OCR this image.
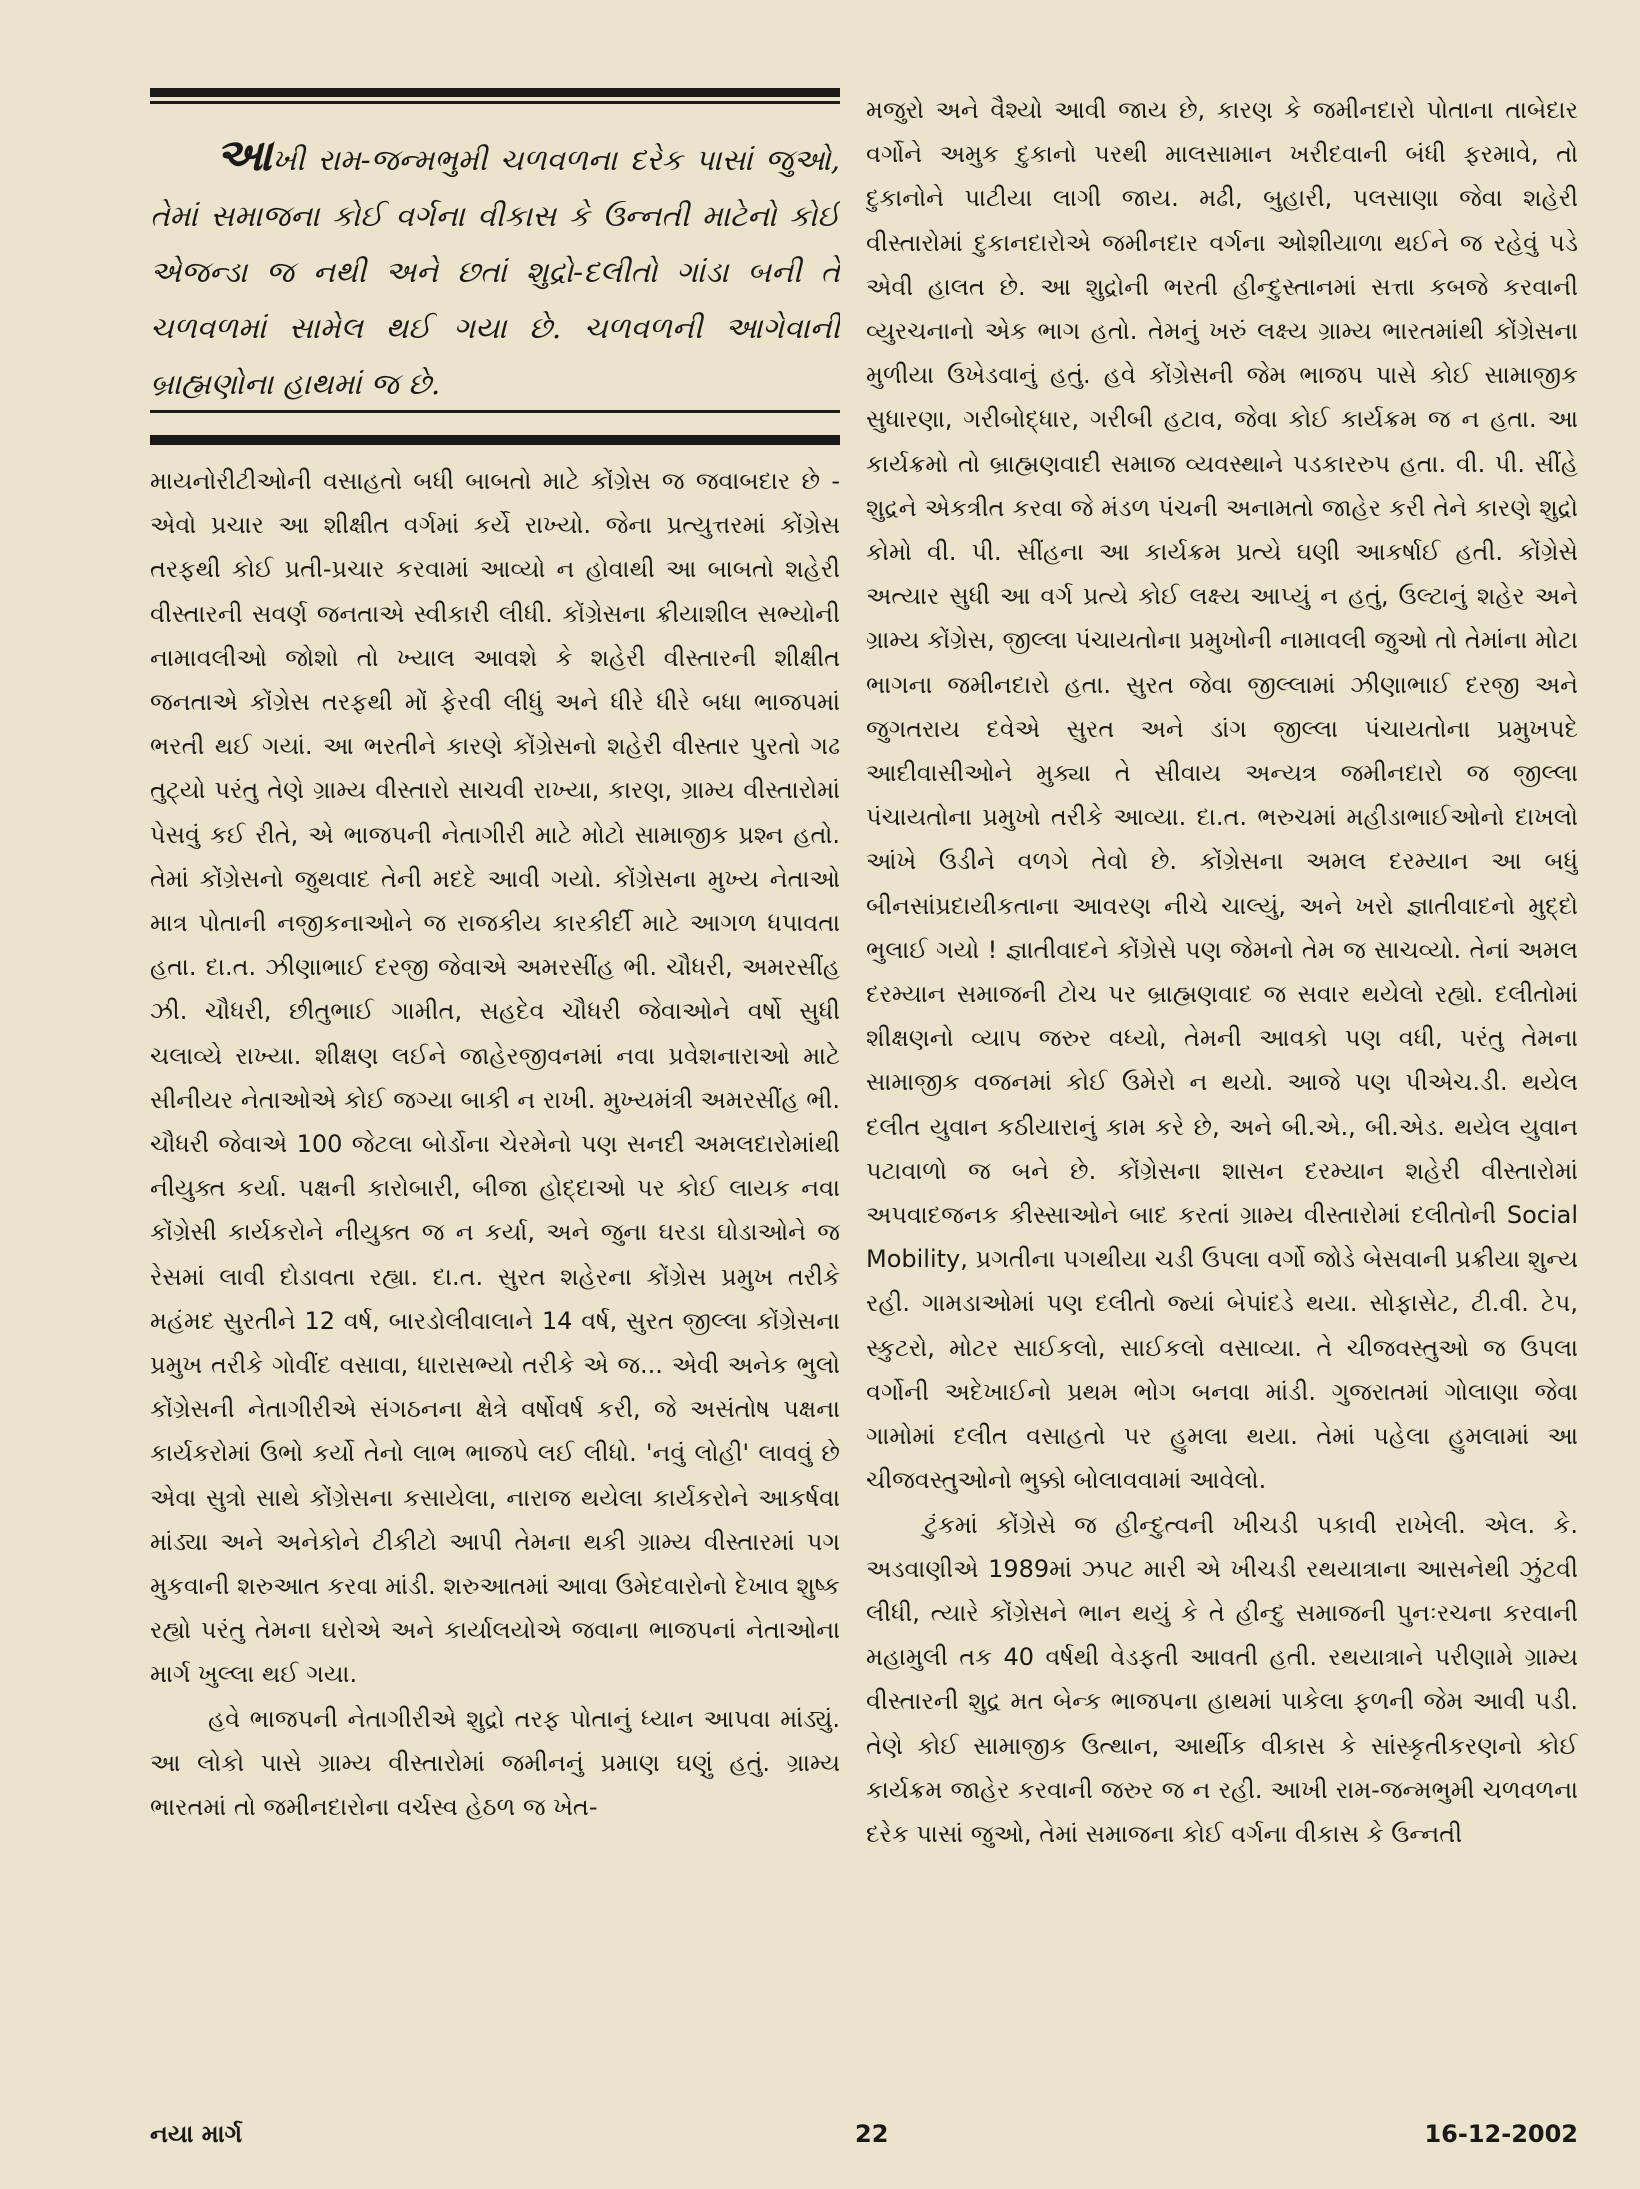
આખી રામ-જન્મભુમી ચળવળના દરેક પાસાં જુઓ, તેમાં સમાજના કોઈ વર્ગના વીકાસ કે ઉન્નતી માટેનો કોઈ એજન્ડા જ નથી અને છતાં શુદ્રો-દલીતો ગાંડા બની તે ચળવળમાં સામેલ થઈ ગયા છે. ચળવળની આગેવાની બ્રાહ્મણોના હાથમાં જ છે.

માયનોરીટીઓની વસાહતો બધી બાબતો માટે કોંગ્રેસ જ જવાબદાર છે - એવો પ્રચાર આ શીક્ષીત વર્ગમાં કર્યે રાખ્યો. જેના પ્રત્યુત્તરમાં કોંગ્રેસ તરફથી કોઈ પ્રતી-પ્રચાર કરવામાં આવ્યો ન હોવાથી આ બાબતો શહેરી વીસ્તારની સવર્ણ જનતાએ સ્વીકારી લીધી. કોંગ્રેસના ક્રીયાશીલ સભ્યોની નામાવલીઓ જોશો તો ખ્યાલ આવશે કે શહેરી વીસ્તારની શીક્ષીત જનતાએ કોંગ્રેસ તરફથી મોં ફેરવી લીધું અને ધીરે ધીરે બધા ભાજપમાં ભરતી થઈ ગયાં. આ ભરતીને કારણે કોંગ્રેસનો શહેરી વીસ્તાર પુરતો ગઢ તુટ્યો પરંતુ તેણે ગ્રામ્ય વીસ્તારો સાચવી રાખ્યા, કારણ, ગ્રામ્ય વીસ્તારોમાં પેસવું કઈ રીતે, એ ભાજપની નેતાગીરી માટે મોટો સામાજીક પ્રશ્ન હતો. તેમાં કોંગ્રેસનો જુથવાદ તેની મદદે આવી ગયો. કોંગ્રેસના મુખ્ય નેતાઓ માત્ર પોતાની નજીકનાઓને જ રાજકીય કારકીર્દી માટે આગળ ધપાવતા હતા. દા.ત. ઝીણાભાઈ દરજી જેવાએ અમરસીંહ ભી. ચૌધરી, અમરસીંહ ઝી. ચૌધરી, છીતુભાઈ ગામીત, સહદેવ ચૌધરી જેવાઓને વર્ષો સુધી ચલાવ્યે રાખ્યા. શીક્ષણ લઈને જાહેરજીવનમાં નવા પ્રવેશનારાઓ માટે સીનીયર નેતાઓએ કોઈ જગ્યા બાકી ન રાખી. મુખ્યમંત્રી અમરસીંહ ભી. ચૌધરી જેવાએ 100 જેટલા બોર્ડોના ચેરમેનો પણ સનદી અમલદારોમાંથી નીયુક્ત કર્યા. પક્ષની કારોબારી, બીજા હોદ્દાઓ પર કોઈ લાયક નવા કોંગ્રેસી કાર્યકરોને નીયુક્ત જ ન કર્યા, અને જુના ઘરડા ઘોડાઓને જ રેસમાં લાવી દોડાવતા રહ્યા. દા.ત. સુરત શહેરના કોંગ્રેસ પ્રમુખ તરીકે મહંમદ સુરતીને 12 વર્ષ, બારડોલીવાલાને 14 વર્ષ, સુરત જીલ્લા કોંગ્રેસના પ્રમુખ તરીકે ગોવીંદ વસાવા, ધારાસભ્યો તરીકે એ જ... એવી અનેક ભુલો કોંગ્રેસની નેતાગીરીએ સંગઠનના ક્ષેત્રે વર્ષોવર્ષ કરી, જે અસંતોષ પક્ષના કાર્યકરોમાં ઉભો કર્યો તેનો લાભ ભાજપે લઈ લીધો. 'નવું લોહી' લાવવું છે એવા સુત્રો સાથે કોંગ્રેસના કસાયેલા, નારાજ થયેલા કાર્યકરોને આકર્ષવા માંડ્યા અને અનેકોને ટીકીટો આપી તેમના થકી ગ્રામ્ય વીસ્તારમાં પગ મુકવાની શરુઆત કરવા માંડી. શરુઆતમાં આવા ઉમેદવારોનો દેખાવ શુષ્ક રહ્યો પરંતુ તેમના ઘરોએ અને કાર્યાલયોએ જવાના ભાજપનાં નેતાઓના માર્ગ ખુલ્લા થઈ ગયા.

હવે ભાજપની નેતાગીરીએ શુદ્રો તરફ પોતાનું ધ્યાન આપવા માંડ્યું. આ લોકો પાસે ગ્રામ્ય વીસ્તારોમાં જમીનનું પ્રમાણ ઘણું હતું. ગ્રામ્ય ભારતમાં તો જમીનદારોના વર્ચસ્વ હેઠળ જ ખેત-

મજુરો અને વૈશ્યો આવી જાય છે, કારણ કે જમીનદારો પોતાના તાબેદાર વર્ગોને અમુક દુકાનો પરથી માલસામાન ખરીદવાની બંધી ફરમાવે, તો દુકાનોને પાટીયા લાગી જાય. મઢી, બુહારી, પલસાણા જેવા શહેરી વીસ્તારોમાં દુકાનદારોએ જમીનદાર વર્ગના ઓશીયાળા થઈને જ રહેવું પડે એવી હાલત છે. આ શુદ્રોની ભરતી હીન્દુસ્તાનમાં સત્તા કબજે કરવાની વ્યુરચનાનો એક ભાગ હતો. તેમનું ખરું લક્ષ્ય ગ્રામ્ય ભારતમાંથી કોંગ્રેસના મુળીયા ઉખેડવાનું હતું. હવે કોંગ્રેસની જેમ ભાજપ પાસે કોઈ સામાજીક સુધારણા, ગરીબોદ્ધાર, ગરીબી હટાવ, જેવા કોઈ કાર્યક્રમ જ ન હતા. આ કાર્યક્રમો તો બ્રાહ્મણવાદી સમાજ વ્યવસ્થાને પડકારરુપ હતા. વી. પી. સીંહે શુદ્રને એકત્રીત કરવા જે મંડળ પંચની અનામતો જાહેર કરી તેને કારણે શુદ્રો કોમો વી. પી. સીંહના આ કાર્યક્રમ પ્રત્યે ઘણી આકર્ષાઈ હતી. કોંગ્રેસે અત્યાર સુધી આ વર્ગ પ્રત્યે કોઈ લક્ષ્ય આપ્યું ન હતું, ઉલ્ટાનું શહેર અને ગ્રામ્ય કોંગ્રેસ, જીલ્લા પંચાયતોના પ્રમુખોની નામાવલી જુઓ તો તેમાંના મોટા ભાગના જમીનદારો હતા. સુરત જેવા જીલ્લામાં ઝીણાભાઈ દરજી અને જુગતરાય દવેએ સુરત અને ડાંગ જીલ્લા પંચાયતોના પ્રમુખપદે આદીવાસીઓને મુક્યા તે સીવાય અન્યત્ર જમીનદારો જ જીલ્લા પંચાયતોના પ્રમુખો તરીકે આવ્યા. દા.ત. ભરુચમાં મહીડાભાઈઓનો દાખલો આંખે ઉડીને વળગે તેવો છે. કોંગ્રેસના અમલ દરમ્યાન આ બધું બીનસાંપ્રદાયીકતાના આવરણ નીચે ચાલ્યું, અને ખરો જ્ઞાતીવાદનો મુદ્દો ભુલાઈ ગયો ! જ્ઞાતીવાદને કોંગ્રેસે પણ જેમનો તેમ જ સાચવ્યો. તેનાં અમલ દરમ્યાન સમાજની ટોચ પર બ્રાહ્મણવાદ જ સવાર થયેલો રહ્યો. દલીતોમાં શીક્ષણનો વ્યાપ જરુર વધ્યો, તેમની આવકો પણ વધી, પરંતુ તેમના સામાજીક વજનમાં કોઈ ઉમેરો ન થયો. આજે પણ પીએચ.ડી. થયેલ દલીત યુવાન કઠીયારાનું કામ કરે છે, અને બી.એ., બી.એડ. થયેલ યુવાન પટાવાળો જ બને છે. કોંગ્રેસના શાસન દરમ્યાન શહેરી વીસ્તારોમાં અપવાદજનક કીસ્સાઓને બાદ કરતાં ગ્રામ્ય વીસ્તારોમાં દલીતોની Social Mobility, પ્રગતીના પગથીયા ચડી ઉપલા વર્ગો જોડે બેસવાની પ્રક્રીયા શુન્ય રહી. ગામડાઓમાં પણ દલીતો જ્યાં બેપાંદડે થયા. સોફાસેટ, ટી.વી. ટેપ, સ્કુટરો, મોટર સાઈકલો, સાઈકલો વસાવ્યા. તે ચીજવસ્તુઓ જ ઉપલા વર્ગોની અદેખાઈનો પ્રથમ ભોગ બનવા માંડી. ગુજરાતમાં ગોલાણા જેવા ગામોમાં દલીત વસાહતો પર હુમલા થયા. તેમાં પહેલા હુમલામાં આ ચીજવસ્તુઓનો ભુક્કો બોલાવવામાં આવેલો.

ટુંકમાં કોંગ્રેસે જ હીન્દુત્વની ખીચડી પકાવી રાખેલી. એલ. કે. અડવાણીએ 1989માં ઝપટ મારી એ ખીચડી રથયાત્રાના આસનેથી ઝુંટવી લીધી, ત્યારે કોંગ્રેસને ભાન થયું કે તે હીન્દુ સમાજની પુનઃરચના કરવાની મહામુલી તક 40 વર્ષથી વેડફતી આવતી હતી. રથયાત્રાને પરીણામે ગ્રામ્ય વીસ્તારની શુદ્ર મત બેન્ક ભાજપના હાથમાં પાકેલા ફળની જેમ આવી પડી. તેણે કોઈ સામાજીક ઉત્થાન, આર્થીક વીકાસ કે સાંસ્કૃતીકરણનો કોઈ કાર્યક્રમ જાહેર કરવાની જરુર જ ન રહી. આખી રામ-જન્મભુમી ચળવળના દરેક પાસાં જુઓ, તેમાં સમાજના કોઈ વર્ગના વીકાસ કે ઉન્નતી

નયા માર્ગ	22	16-12-2002
